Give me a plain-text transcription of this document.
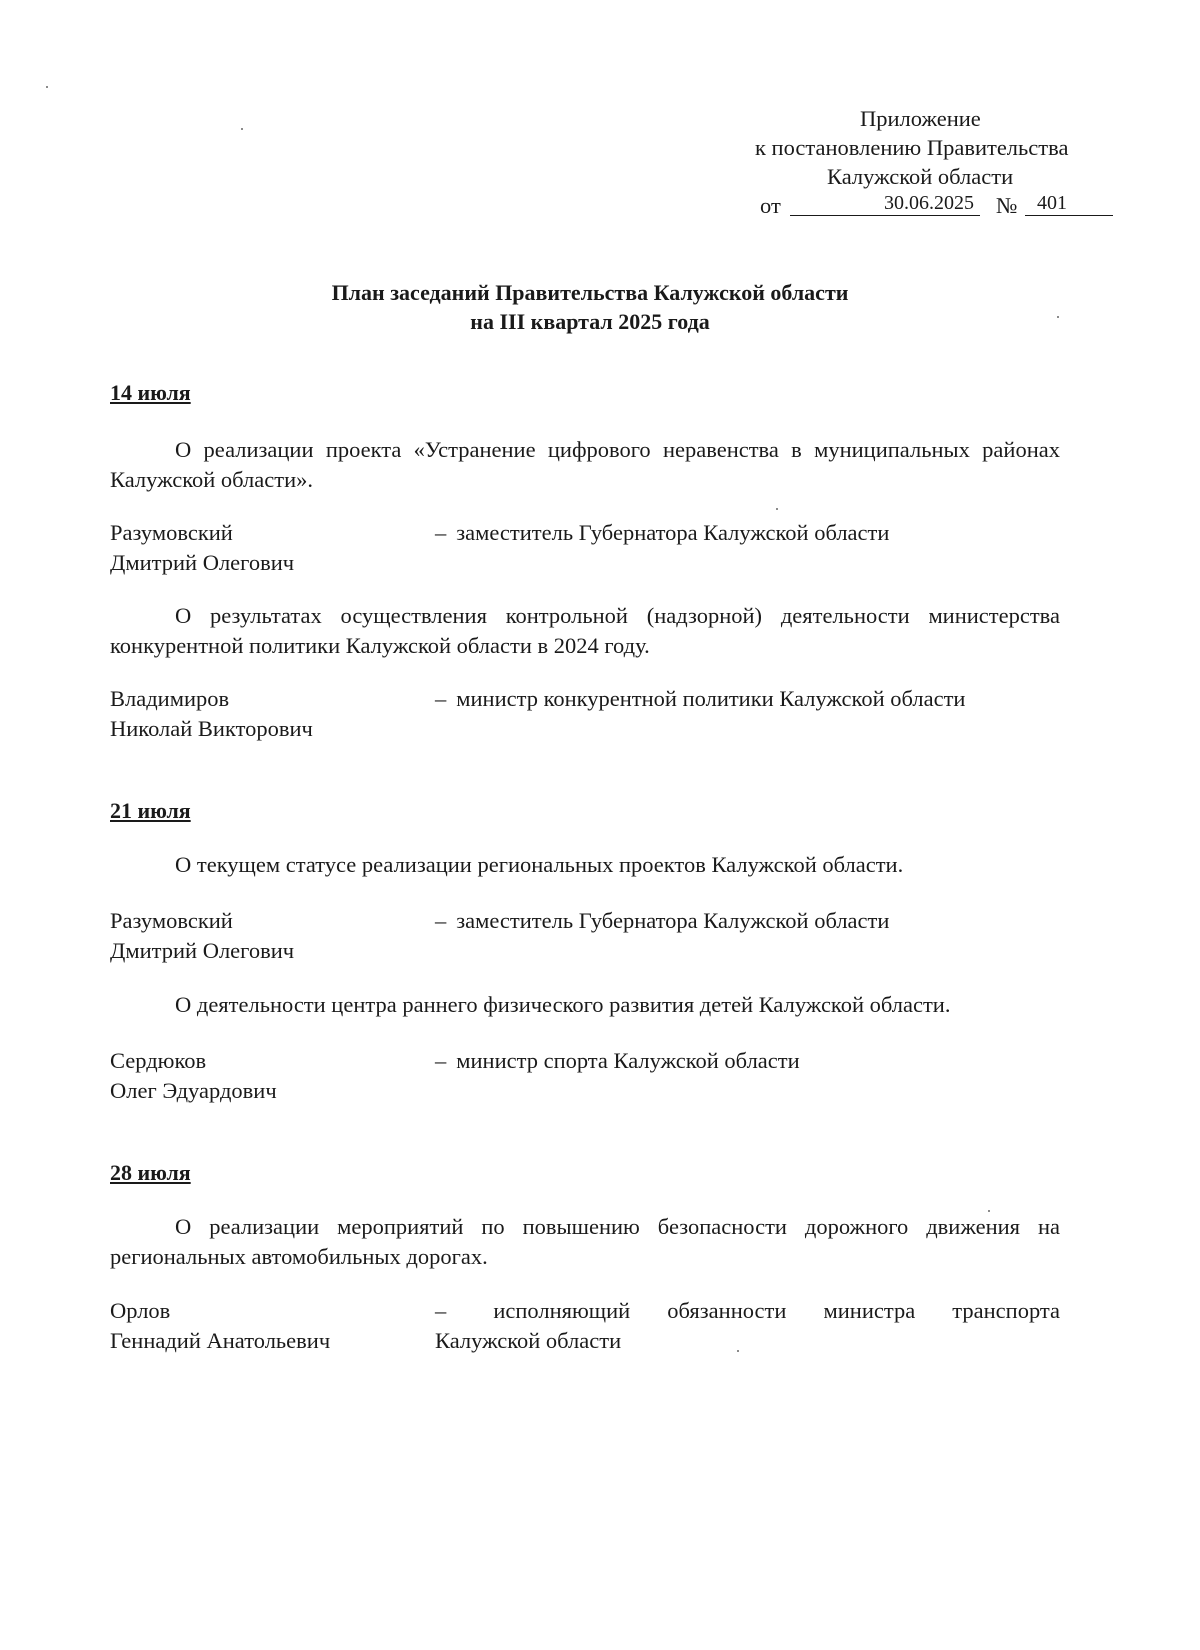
Приложение
к постановлению Правительства
Калужской области
от	30.06.2025 № 401
План заседаний Правительства Калужской области
на III квартал 2025 года
14 июля
О реализации проекта «Устранение цифрового неравенства в муниципальных районах Калужской области».
Разумовский
Дмитрий Олегович
– заместитель Губернатора Калужской области
О результатах осуществления контрольной (надзорной) деятельности министерства конкурентной политики Калужской области в 2024 году.
Владимиров
Николай Викторович
– министр конкурентной политики Калужской области
21 июля
О текущем статусе реализации региональных проектов Калужской области.
Разумовский
Дмитрий Олегович
– заместитель Губернатора Калужской области
О деятельности центра раннего физического развития детей Калужской области.
Сердюков
Олег Эдуардович
– министр спорта Калужской области
28 июля
О реализации мероприятий по повышению безопасности дорожного движения на региональных автомобильных дорогах.
Орлов
Геннадий Анатольевич
– исполняющий обязанности министра транспорта
Калужской области
